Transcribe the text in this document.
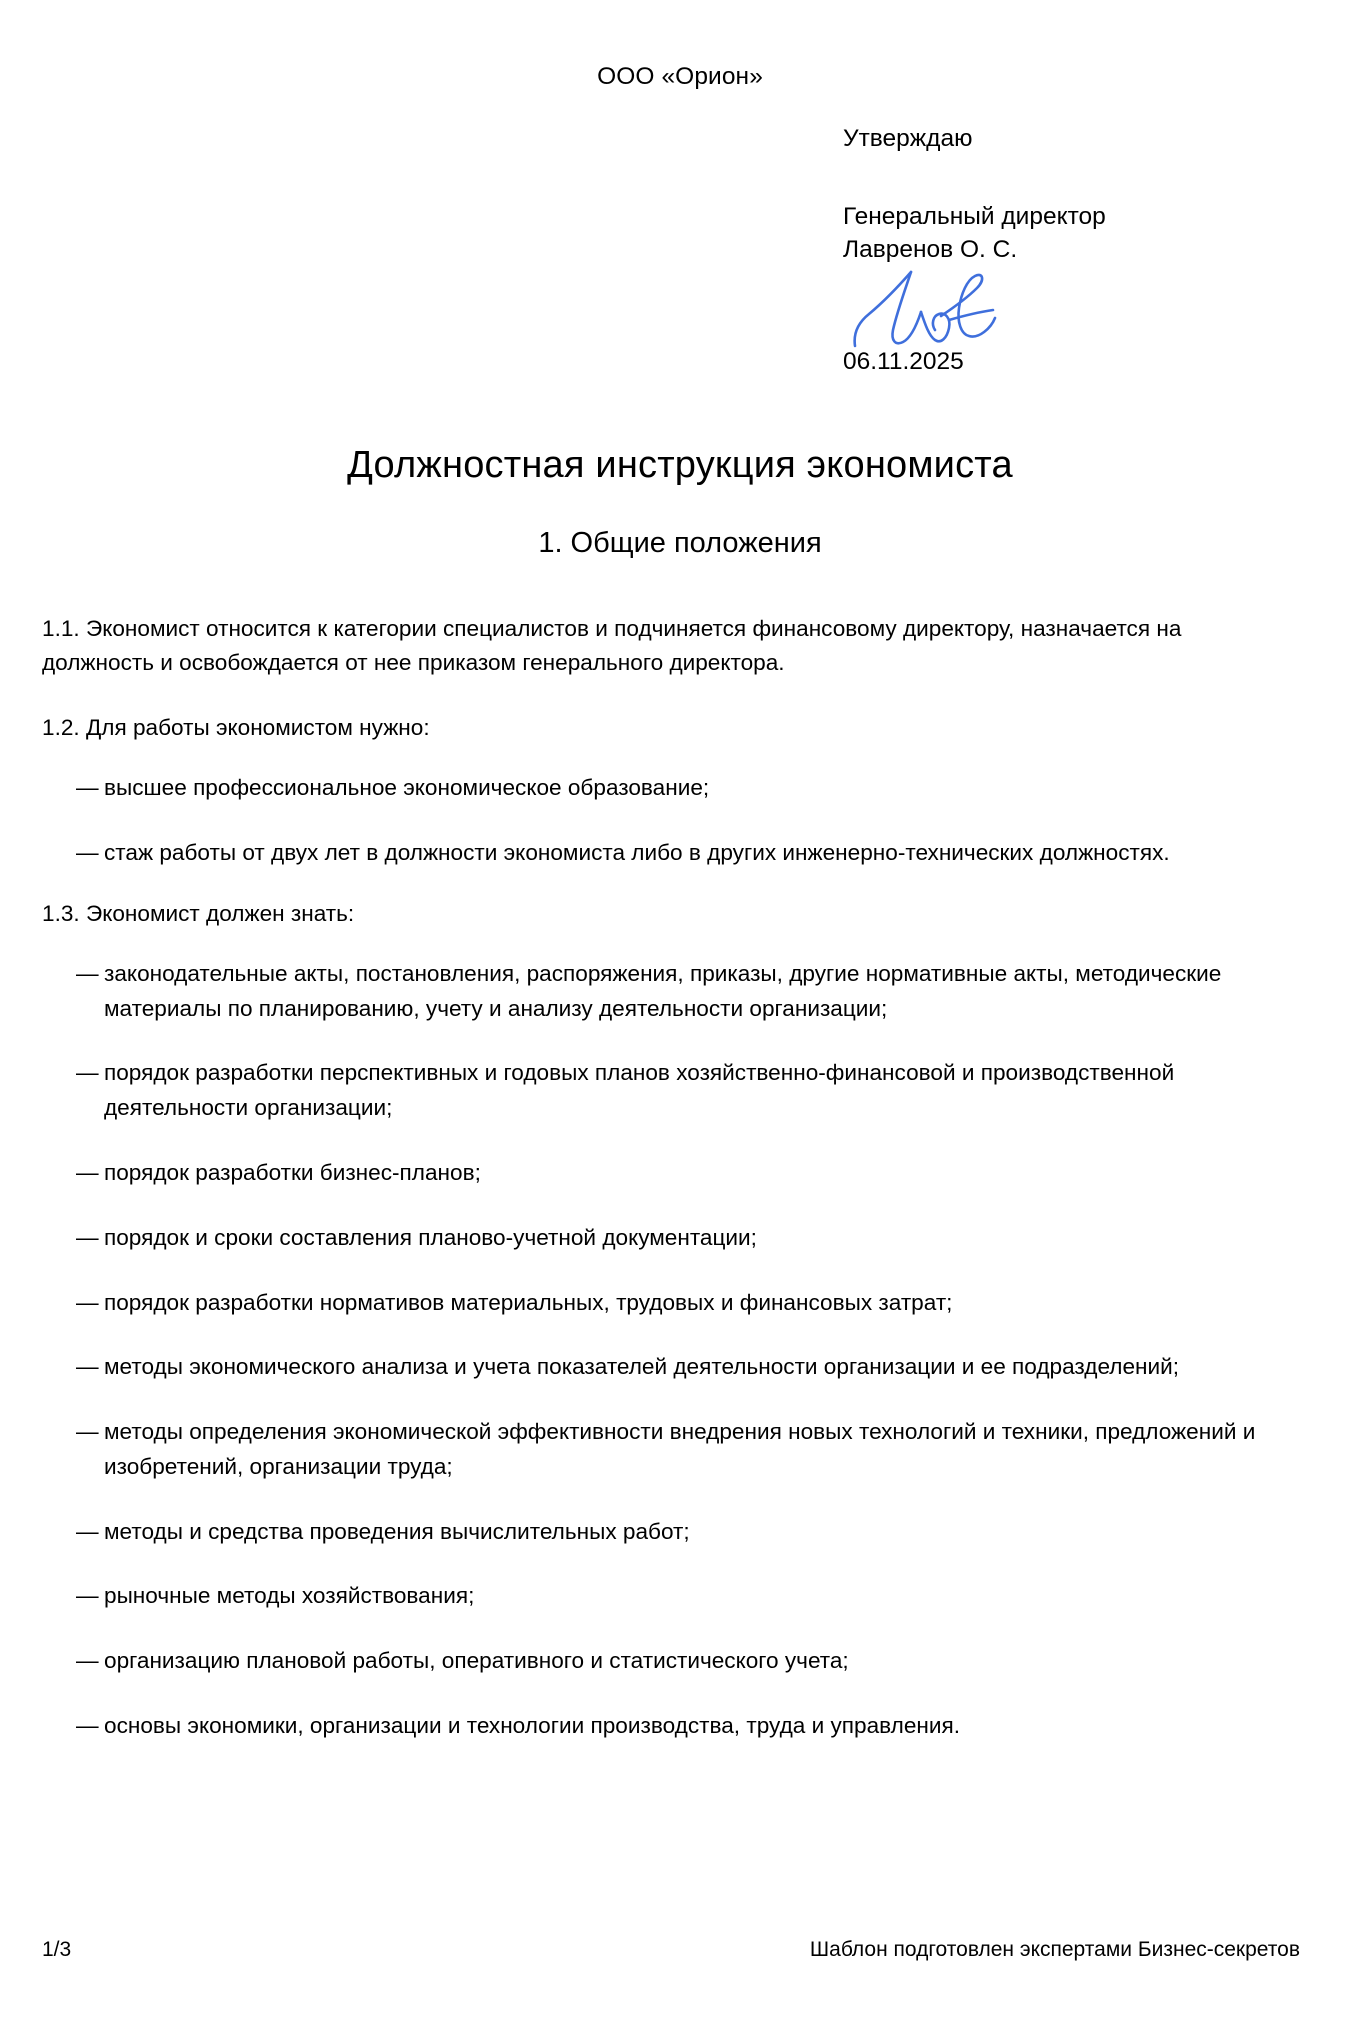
ООО «Орион»

Утверждаю

Генеральный директор
Лавренов О. С.

06.11.2025

Должностная инструкция экономиста
1. Общие положения

1.1. Экономист относится к категории специалистов и подчиняется финансовому директору, назначается на должность и освобождается от нее приказом генерального директора.

1.2. Для работы экономистом нужно:

— высшее профессиональное экономическое образование;
— стаж работы от двух лет в должности экономиста либо в других инженерно-технических должностях.

1.3. Экономист должен знать:

— законодательные акты, постановления, распоряжения, приказы, другие нормативные акты, методические материалы по планированию, учету и анализу деятельности организации;
— порядок разработки перспективных и годовых планов хозяйственно-финансовой и производственной деятельности организации;
— порядок разработки бизнес-планов;
— порядок и сроки составления планово-учетной документации;
— порядок разработки нормативов материальных, трудовых и финансовых затрат;
— методы экономического анализа и учета показателей деятельности организации и ее подразделений;
— методы определения экономической эффективности внедрения новых технологий и техники, предложений и изобретений, организации труда;
— методы и средства проведения вычислительных работ;
— рыночные методы хозяйствования;
— организацию плановой работы, оперативного и статистического учета;
— основы экономики, организации и технологии производства, труда и управления.
1/3	Шаблон подготовлен экспертами Бизнес-секретов
